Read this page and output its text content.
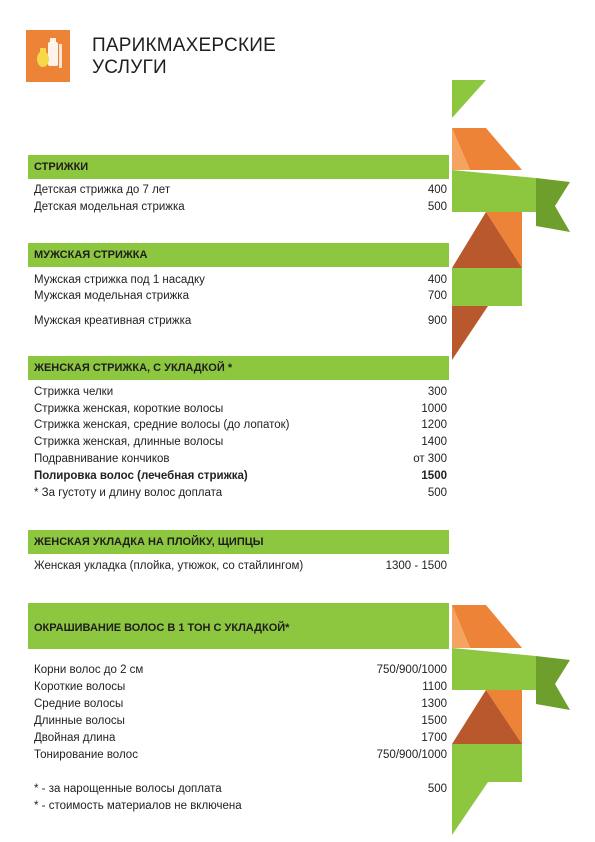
ПАРИКМАХЕРСКИЕ
УСЛУГИ
СТРИЖКИ
Детская стрижка до 7 лет	400
Детская модельная стрижка	500
МУЖСКАЯ СТРИЖКА
Мужская стрижка под 1 насадку	400
Мужская модельная стрижка	700
Мужская креативная стрижка	900
ЖЕНСКАЯ СТРИЖКА, С УКЛАДКОЙ *
Стрижка челки	300
Стрижка женская, короткие волосы	1000
Стрижка женская, средние волосы (до лопаток)	1200
Стрижка женская, длинные волосы	1400
Подравнивание кончиков	от 300
Полировка волос (лечебная стрижка)	1500
* За густоту и длину волос доплата	500
ЖЕНСКАЯ УКЛАДКА НА ПЛОЙКУ, ЩИПЦЫ
Женская укладка (плойка, утюжок, со стайлингом)	1300 - 1500
ОКРАШИВАНИЕ ВОЛОС В 1 ТОН С УКЛАДКОЙ*
Корни волос до 2 см	750/900/1000
Короткие волосы	1100
Средние волосы	1300
Длинные волосы	1500
Двойная длина	1700
Тонирование волос	750/900/1000
* - за нарощенные волосы доплата	500
* - стоимость материалов не включена
